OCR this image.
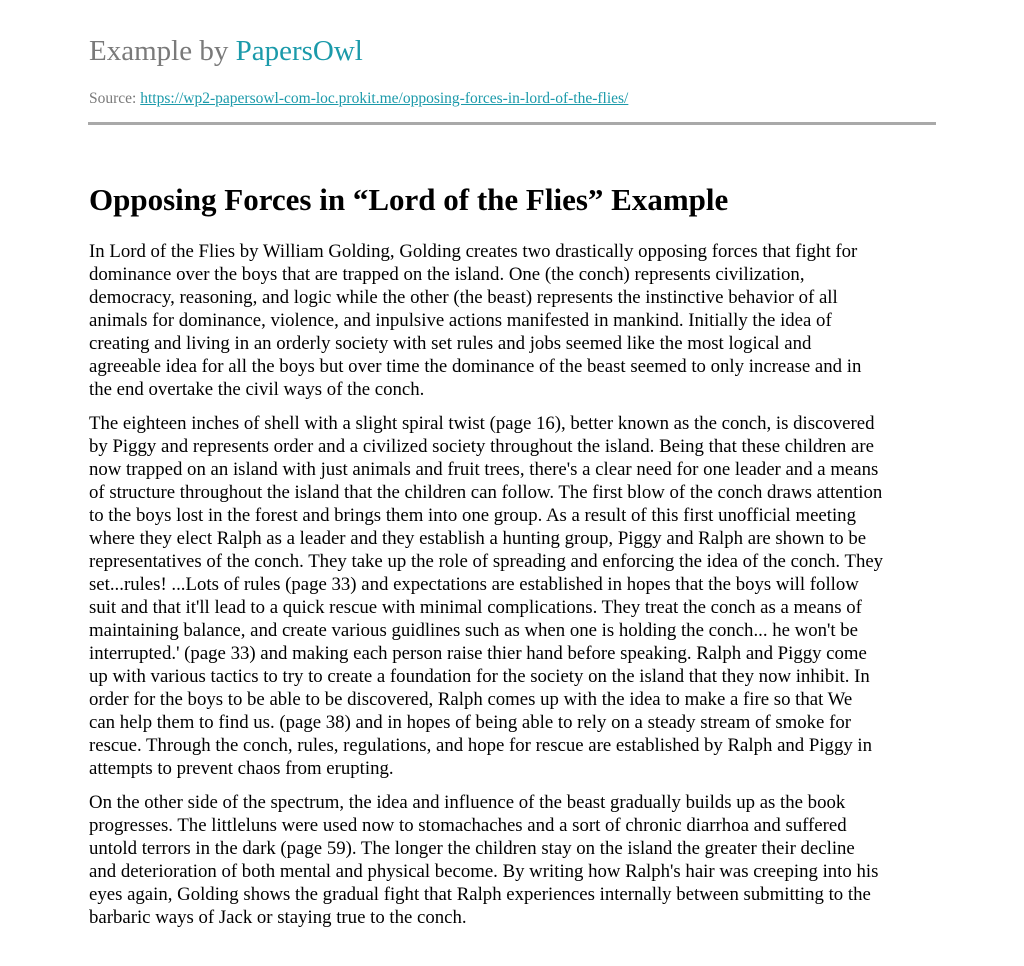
Example by PapersOwl
Source: https://wp2-papersowl-com-loc.prokit.me/opposing-forces-in-lord-of-the-flies/
Opposing Forces in “Lord of the Flies” Example

In Lord of the Flies by William Golding, Golding creates two drastically opposing forces that fight for
dominance over the boys that are trapped on the island. One (the conch) represents civilization,
democracy, reasoning, and logic while the other (the beast) represents the instinctive behavior of all
animals for dominance, violence, and inpulsive actions manifested in mankind. Initially the idea of
creating and living in an orderly society with set rules and jobs seemed like the most logical and
agreeable idea for all the boys but over time the dominance of the beast seemed to only increase and in
the end overtake the civil ways of the conch.

The eighteen inches of shell with a slight spiral twist (page 16), better known as the conch, is discovered
by Piggy and represents order and a civilized society throughout the island. Being that these children are
now trapped on an island with just animals and fruit trees, there's a clear need for one leader and a means
of structure throughout the island that the children can follow. The first blow of the conch draws attention
to the boys lost in the forest and brings them into one group. As a result of this first unofficial meeting
where they elect Ralph as a leader and they establish a hunting group, Piggy and Ralph are shown to be
representatives of the conch. They take up the role of spreading and enforcing the idea of the conch. They
set...rules! ...Lots of rules (page 33) and expectations are established in hopes that the boys will follow
suit and that it'll lead to a quick rescue with minimal complications. They treat the conch as a means of
maintaining balance, and create various guidlines such as when one is holding the conch... he won't be
interrupted.' (page 33) and making each person raise thier hand before speaking. Ralph and Piggy come
up with various tactics to try to create a foundation for the society on the island that they now inhibit. In
order for the boys to be able to be discovered, Ralph comes up with the idea to make a fire so that We
can help them to find us. (page 38) and in hopes of being able to rely on a steady stream of smoke for
rescue. Through the conch, rules, regulations, and hope for rescue are established by Ralph and Piggy in
attempts to prevent chaos from erupting.

On the other side of the spectrum, the idea and influence of the beast gradually builds up as the book
progresses. The littleluns were used now to stomachaches and a sort of chronic diarrhoa and suffered
untold terrors in the dark (page 59). The longer the children stay on the island the greater their decline
and deterioration of both mental and physical become. By writing how Ralph's hair was creeping into his
eyes again, Golding shows the gradual fight that Ralph experiences internally between submitting to the
barbaric ways of Jack or staying true to the conch.
